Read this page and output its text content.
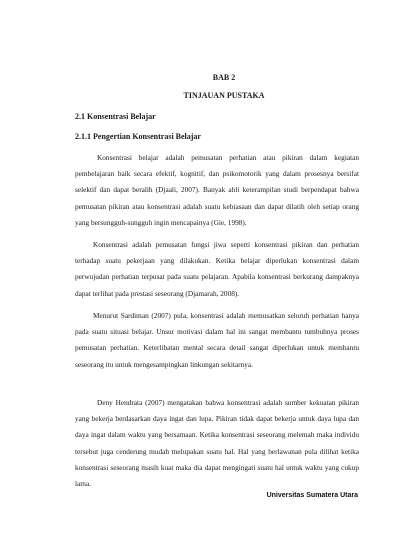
BAB 2
TINJAUAN PUSTAKA
2.1 Konsentrasi Belajar
2.1.1 Pengertian Konsentrasi Belajar

Konsentrasi belajar adalah pemusatan perhatian atau pikiran dalam kegiatan pembelajaran baik secara efektif, kognitif, dan psikomotorik yang dalam prosesnya bersifat selektif dan dapat beralih (Djaali, 2007). Banyak ahli keterampilan studi berpendapat bahwa pemusatan pikiran atau konsentrasi adalah suatu kebiasaan dan dapat dilatih oleh setiap orang yang bersungguh-sungguh ingin mencapainya (Gie, 1998).

Konsentrasi adalah pemusatan fungsi jiwa seperti konsentrasi pikiran dan perhatian terhadap suatu pekerjaan yang dilakukan. Ketika belajar diperlukan konsentrasi dalam perwujudan perhatian terpusat pada suatu pelajaran. Apabila konsentrasi berkurang dampaknya dapat terlihat pada prestasi seseorang (Djamarah, 2008).

Menurut Sardiman (2007) pula, konsentrasi adalah memusatkan seluruh perhatian hanya pada suatu situasi belajar. Unsur motivasi dalam hal ini sangat membantu tumbuhnya proses pemusatan perhatian. Keterlibatan mental secara detail sangat diperlukan untuk membantu seseorang itu untuk mengesampingkan linkungan sekitarnya.

Deny Hendrata (2007) mengatakan bahwa konsentrasi adalah sumber kekuatan pikiran yang bekerja berdasarkan daya ingat dan lupa. Pikiran tidak dapat bekerja untuk daya lupa dan daya ingat dalam waktu yang bersamaan. Ketika konsentrasi seseorang melemah maka individu tersebut juga cenderung mudah melupakan suatu hal. Hal yang berlawanan pula dilihat ketika konsentrasi seseorang masih kuat maka dia dapat mengingati suatu hal untuk waktu yang cukup lama.

Universitas Sumatera Utara
